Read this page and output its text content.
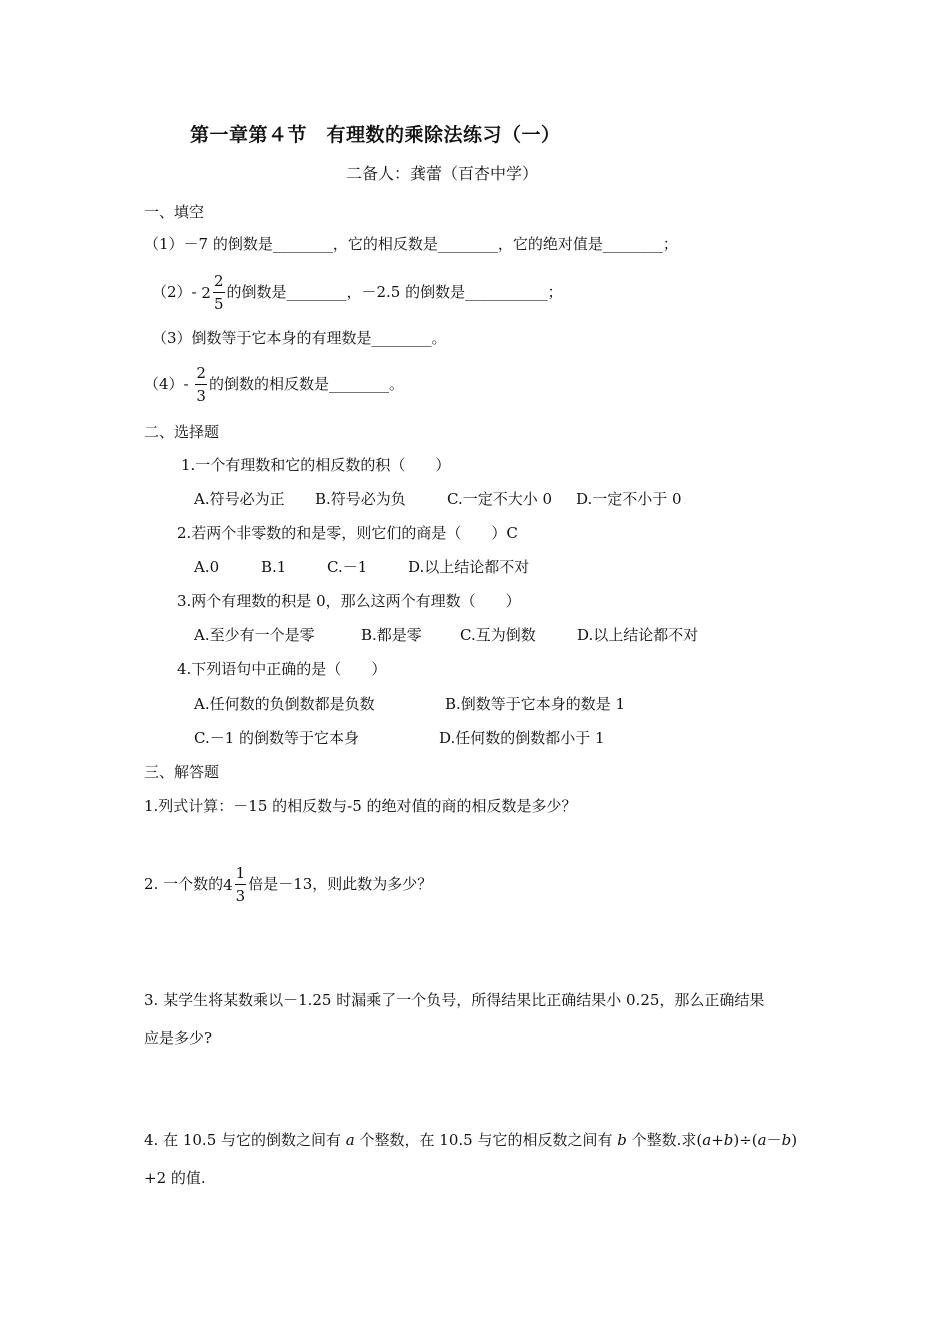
第一章第４节　有理数的乘除法练习（一）
二备人：龚蕾（百杏中学）
一、填空
（1）－7 的倒数是________，它的相反数是________，它的绝对值是________；
（2）- $2 \frac{2}{5}$ 的倒数是________，－2.5 的倒数是___________；
（3）倒数等于它本身的有理数是________。
$(4)- \frac{2}{3}$ 的倒数的相反数是________。
二、选择题
1.一个有理数和它的相反数的积（　　）
A.符号必为正 B.符号必为负	C.一定不大小 0 D.一定不小于 0
2.若两个非零数的和是零，则它们的商是（　　）C
A.0	B.1	C.－1	D.以上结论都不对
3.两个有理数的积是 0，那么这两个有理数（　　）
A.至少有一个是零	B.都是零	C.互为倒数	D.以上结论都不对
4.下列语句中正确的是（　　）
A.任何数的负倒数都是负数	B.倒数等于它本身的数是 1
C.－1 的倒数等于它本身	D.任何数的倒数都小于 1
三、解答题
1.列式计算：－15 的相反数与-5 的绝对值的商的相反数是多少？
2. 一个数的$4 \frac{1}{3}$ 倍是－13，则此数为多少？
3. 某学生将某数乘以－1.25 时漏乘了一个负号，所得结果比正确结果小 0.25，那么正确结果
应是多少?
4. 在 10.5 与它的倒数之间有 a 个整数，在 10.5 与它的相反数之间有 b 个整数.求(a+b)÷(a－b)
+2 的值.
